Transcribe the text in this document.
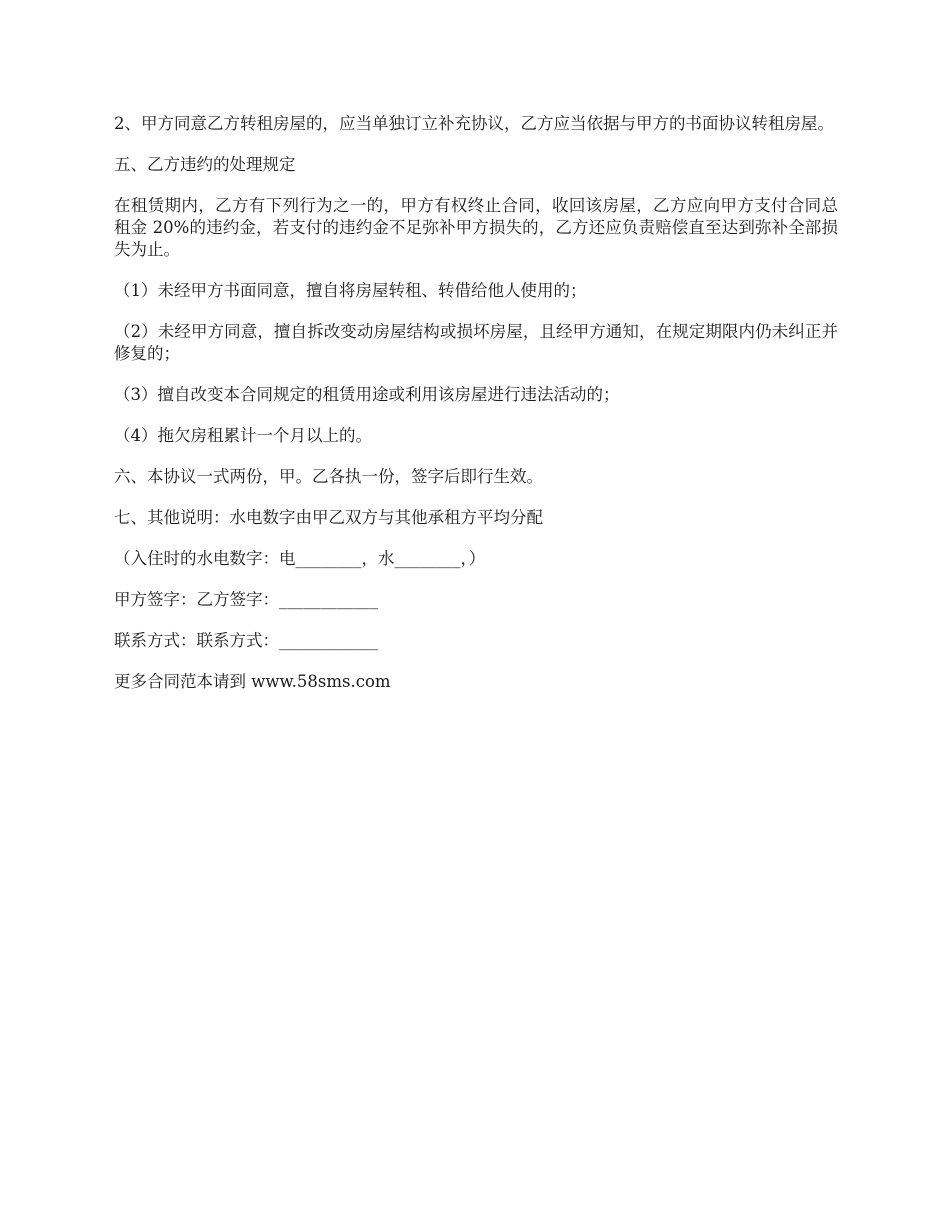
2、甲方同意乙方转租房屋的，应当单独订立补充协议，乙方应当依据与甲方的书面协议转租房屋。

五、乙方违约的处理规定

在租赁期内，乙方有下列行为之一的，甲方有权终止合同，收回该房屋，乙方应向甲方支付合同总租金 20%的违约金，若支付的违约金不足弥补甲方损失的，乙方还应负责赔偿直至达到弥补全部损失为止。

（1）未经甲方书面同意，擅自将房屋转租、转借给他人使用的；

（2）未经甲方同意，擅自拆改变动房屋结构或损坏房屋，且经甲方通知，在规定期限内仍未纠正并修复的；

（3）擅自改变本合同规定的租赁用途或利用该房屋进行违法活动的；

（4）拖欠房租累计一个月以上的。

六、本协议一式两份，甲。乙各执一份，签字后即行生效。

七、其他说明：水电数字由甲乙双方与其他承租方平均分配

（入住时的水电数字：电________，水________，）

甲方签字：乙方签字：____________

联系方式：联系方式：____________

更多合同范本请到 www.58sms.com
